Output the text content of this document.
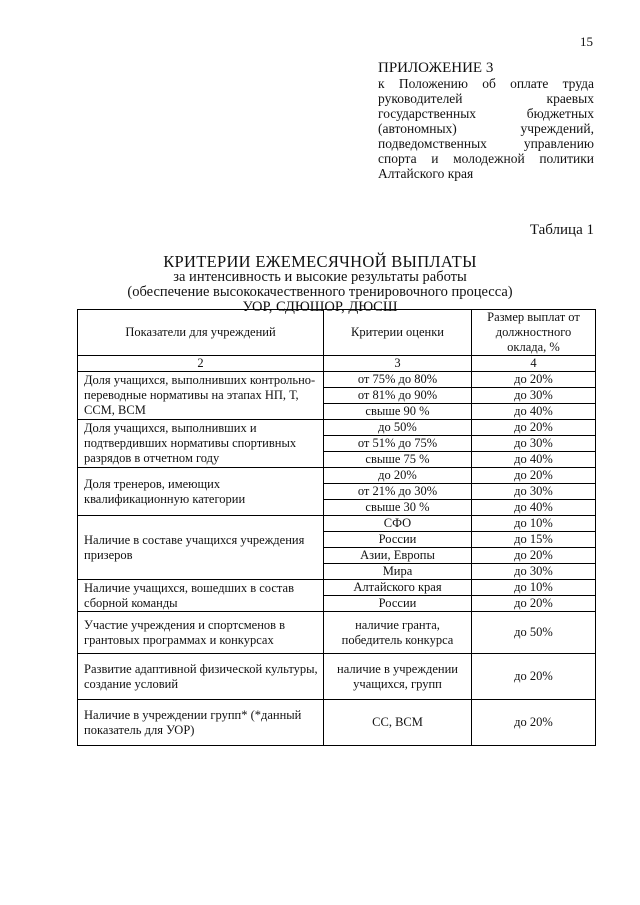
15
ПРИЛОЖЕНИЕ 3
к Положению об оплате труда руководителей краевых государственных бюджетных (автономных) учреждений, подведомственных управлению спорта и молодежной политики Алтайского края
Таблица 1
КРИТЕРИИ ЕЖЕМЕСЯЧНОЙ ВЫПЛАТЫ
за интенсивность и высокие результаты работы
(обеспечение высококачественного тренировочного процесса)
УОР, СДЮШОР, ДЮСШ
Показатели для учреждений	Критерии оценки	Размер выплат от должностного оклада, %
2	3	4
Доля учащихся, выполнивших контрольно-переводные нормативы на этапах НП, Т, ССМ, ВСМ	от 75% до 80%	до 20%
	от 81% до 90%	до 30%
	свыше 90 %	до 40%
Доля учащихся, выполнивших и подтвердивших нормативы спортивных разрядов в отчетном году	до 50%	до 20%
	от 51% до 75%	до 30%
	свыше 75 %	до 40%
Доля тренеров, имеющих квалификационную категории	до 20%	до 20%
	от 21% до 30%	до 30%
	свыше 30 %	до 40%
Наличие в составе учащихся учреждения призеров	СФО	до 10%
	России	до 15%
	Азии, Европы	до 20%
	Мира	до 30%
Наличие учащихся, вошедших в состав сборной команды	Алтайского края	до 10%
	России	до 20%
Участие учреждения и спортсменов в грантовых программах и конкурсах	наличие гранта, победитель конкурса	до 50%
Развитие адаптивной физической культуры, создание условий	наличие в учреждении учащихся, групп	до 20%
Наличие в учреждении групп* (*данный показатель для УОР)	СС, ВСМ	до 20%
